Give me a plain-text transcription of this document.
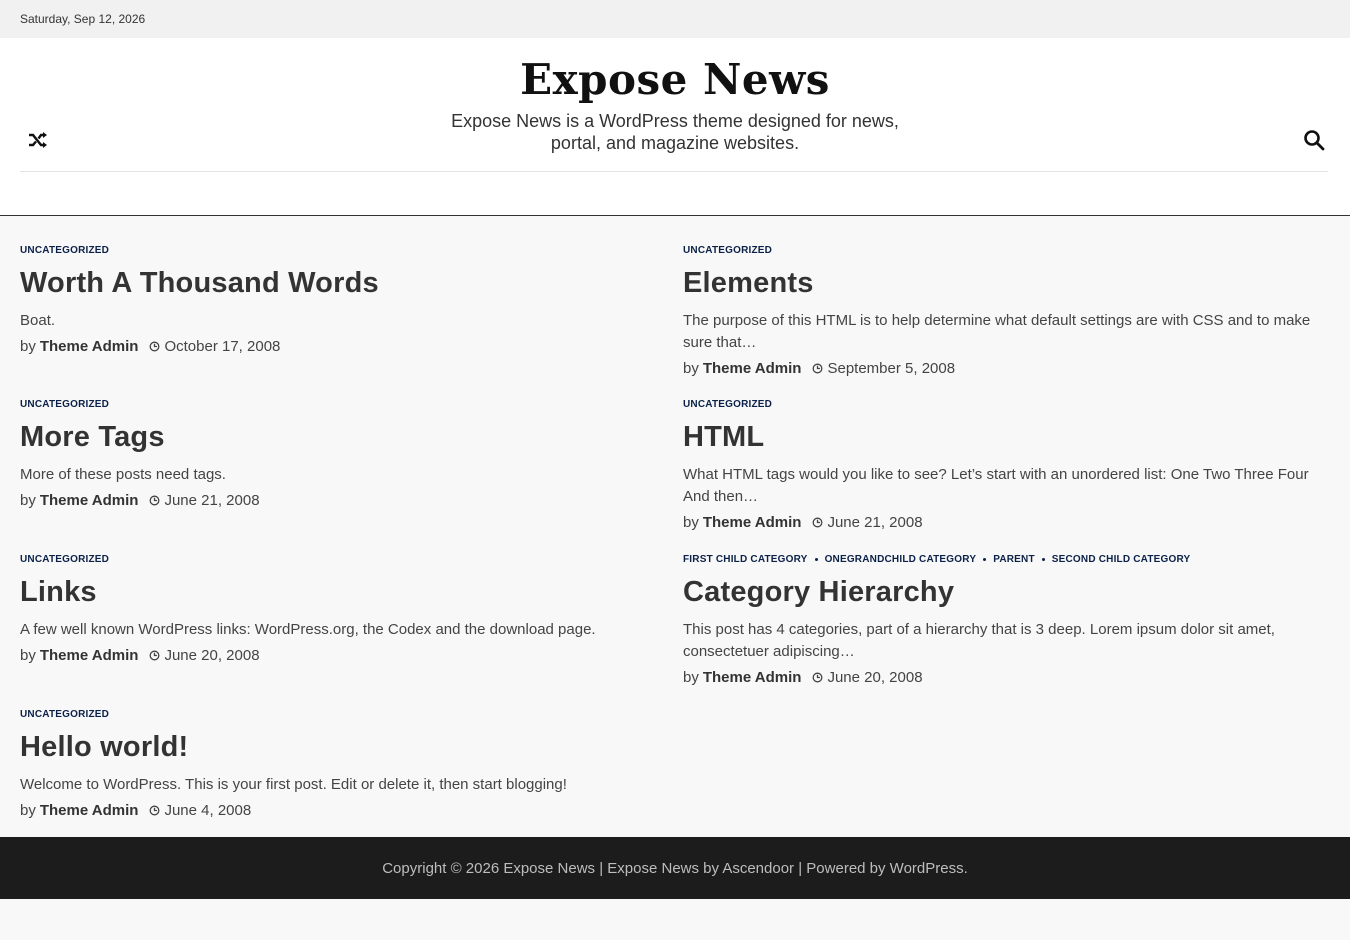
Saturday, Sep 12, 2026
Expose News
Expose News is a WordPress theme designed for news, portal, and magazine websites.
UNCATEGORIZED
Worth A Thousand Words
Boat.
by Theme Admin October 17, 2008
UNCATEGORIZED
Elements
The purpose of this HTML is to help determine what default settings are with CSS and to make sure that…
by Theme Admin September 5, 2008
UNCATEGORIZED
More Tags
More of these posts need tags.
by Theme Admin June 21, 2008
UNCATEGORIZED
HTML
What HTML tags would you like to see? Let’s start with an unordered list: One Two Three Four And then…
by Theme Admin June 21, 2008
UNCATEGORIZED
Links
A few well known WordPress links: WordPress.org, the Codex and the download page.
by Theme Admin June 20, 2008
FIRST CHILD CATEGORY ONEGRANDCHILD CATEGORY PARENT SECOND CHILD CATEGORY
Category Hierarchy
This post has 4 categories, part of a hierarchy that is 3 deep. Lorem ipsum dolor sit amet, consectetuer adipiscing…
by Theme Admin June 20, 2008
UNCATEGORIZED
Hello world!
Welcome to WordPress. This is your first post. Edit or delete it, then start blogging!
by Theme Admin June 4, 2008
Copyright © 2026 Expose News | Expose News by Ascendoor | Powered by WordPress.
